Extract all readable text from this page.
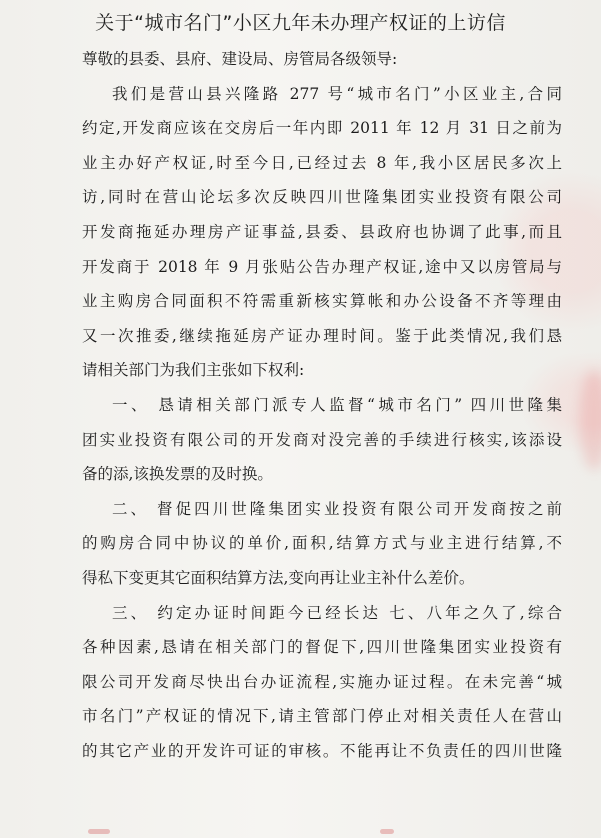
关于“城市名门”小区九年未办理产权证的上访信
尊敬的县委、县府、建设局、房管局各级领导:
我们是营山县兴隆路 277 号“城市名门”小区业主,合同
约定,开发商应该在交房后一年内即 2011 年 12 月 31 日之前为
业主办好产权证,时至今日,已经过去 8 年,我小区居民多次上
访,同时在营山论坛多次反映四川世隆集团实业投资有限公司
开发商拖延办理房产证事益,县委、县政府也协调了此事,而且
开发商于 2018 年 9 月张贴公告办理产权证,途中又以房管局与
业主购房合同面积不符需重新核实算帐和办公设备不齐等理由
又一次推委,继续拖延房产证办理时间。鉴于此类情况,我们恳
请相关部门为我们主张如下权利:
一、 恳请相关部门派专人监督“城市名门” 四川世隆集
团实业投资有限公司的开发商对没完善的手续进行核实,该添设
备的添,该换发票的及时换。
二、 督促四川世隆集团实业投资有限公司开发商按之前
的购房合同中协议的单价,面积,结算方式与业主进行结算,不
得私下变更其它面积结算方法,变向再让业主补什么差价。
三、 约定办证时间距今已经长达 七、八年之久了,综合
各种因素,恳请在相关部门的督促下,四川世隆集团实业投资有
限公司开发商尽快出台办证流程,实施办证过程。在未完善“城
市名门”产权证的情况下,请主管部门停止对相关责任人在营山
的其它产业的开发许可证的审核。不能再让不负责任的四川世隆
